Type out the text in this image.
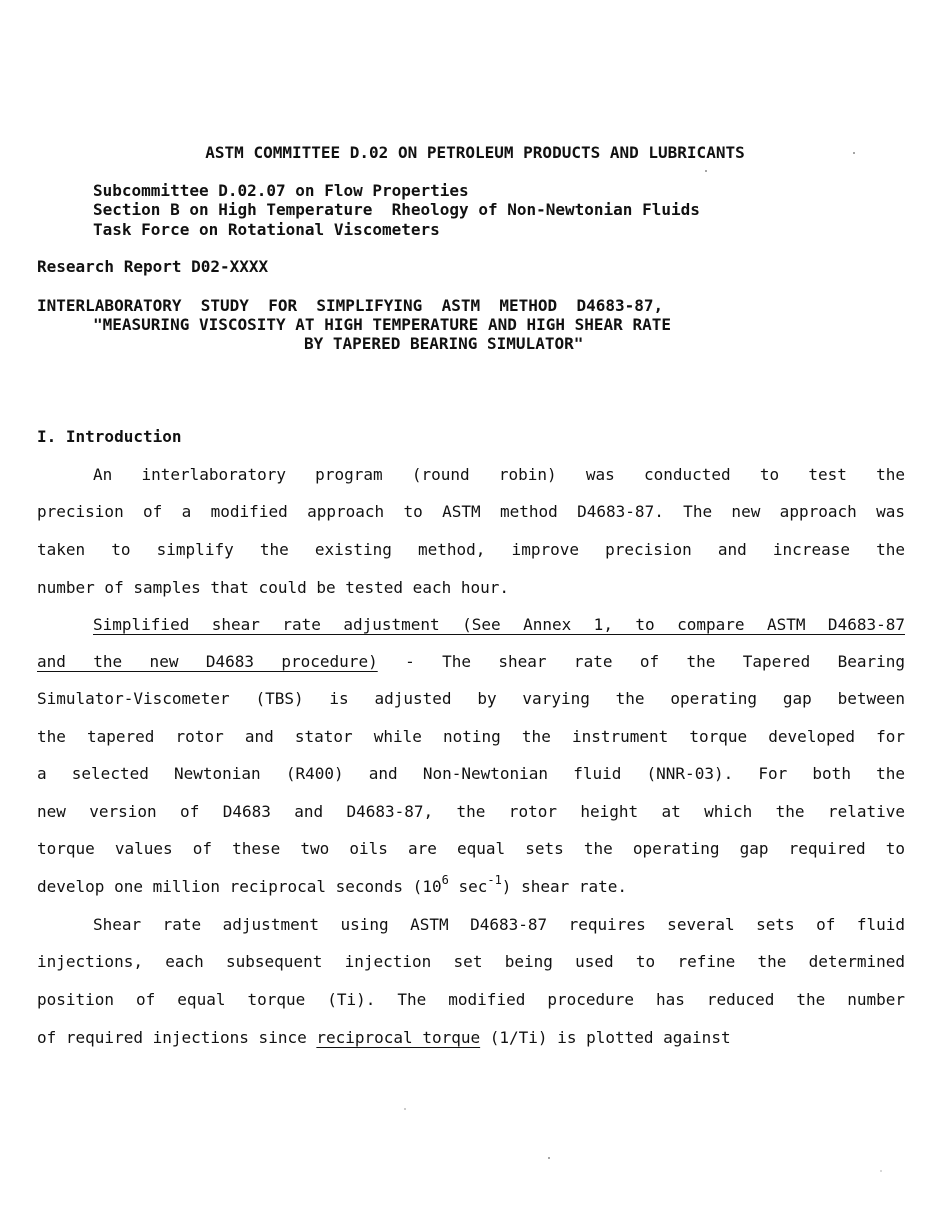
ASTM COMMITTEE D.02 ON PETROLEUM PRODUCTS AND LUBRICANTS
Subcommittee D.02.07 on Flow Properties
Section B on High Temperature  Rheology of Non-Newtonian Fluids
Task Force on Rotational Viscometers
Research Report D02-XXXX
INTERLABORATORY  STUDY  FOR  SIMPLIFYING  ASTM  METHOD  D4683-87,
"MEASURING VISCOSITY AT HIGH TEMPERATURE AND HIGH SHEAR RATE
BY TAPERED BEARING SIMULATOR"
I. Introduction
An interlaboratory program (round robin) was conducted to test the
precision of a modified approach to ASTM method D4683-87. The new approach was
taken to simplify the existing method, improve precision and increase the
number of samples that could be tested each hour.
Simplified shear rate adjustment (See Annex 1, to compare ASTM D4683-87
and the new D4683 procedure) - The shear rate of the Tapered Bearing
Simulator-Viscometer (TBS) is adjusted by varying the operating gap between
the tapered rotor and stator while noting the instrument torque developed for
a selected Newtonian (R400) and Non-Newtonian fluid (NNR-03). For both the
new version of D4683 and D4683-87, the rotor height at which the relative
torque values of these two oils are equal sets the operating gap required to
develop one million reciprocal seconds ($10^6$ $\sec^{-1}$) shear rate.
Shear rate adjustment using ASTM D4683-87 requires several sets of fluid
injections, each subsequent injection set being used to refine the determined
position of equal torque (Ti). The modified procedure has reduced the number
of required injections since reciprocal torque (1/Ti) is plotted against
